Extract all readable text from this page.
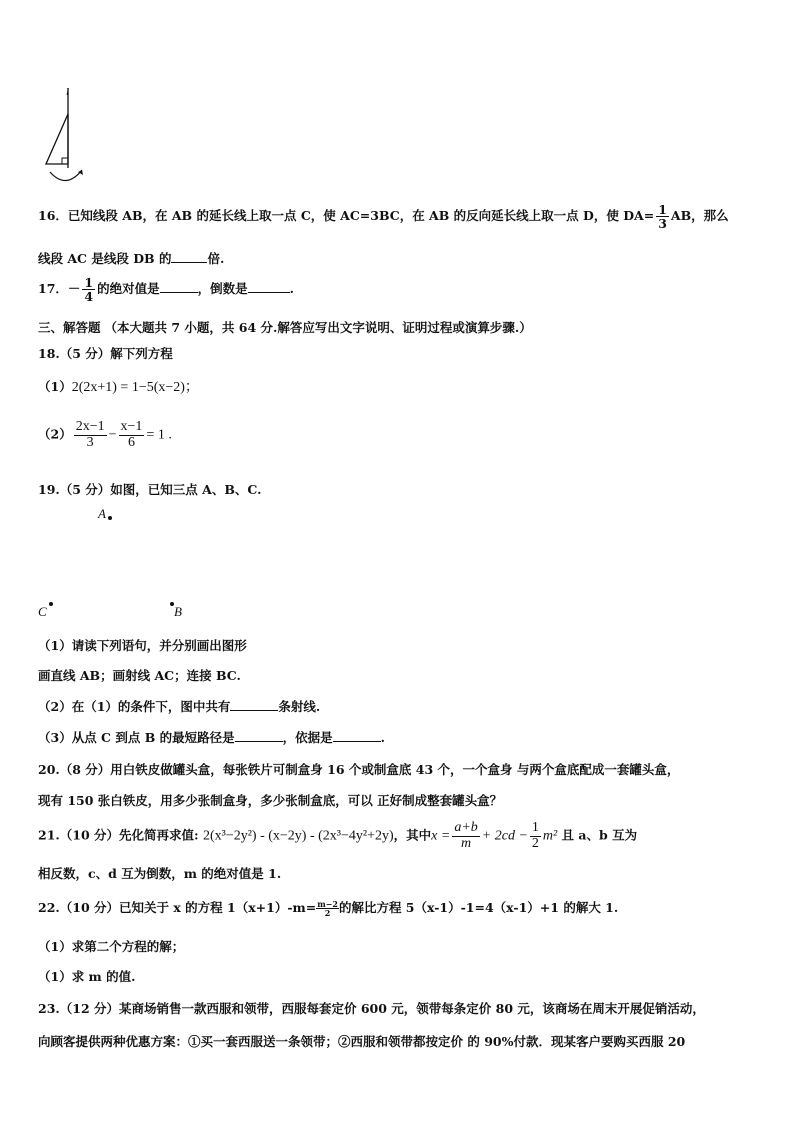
l
16．已知线段 AB，在 AB 的延长线上取一点 C，使 AC=3BC，在 AB 的反向延长线上取一点 D，使 $DA= \frac{1}{3}$ AB，那么
线段 AC 是线段 DB 的	倍.
17．－ $\frac{1}{4}$ 的绝对值是	，倒数是	.
三、解答题 （本大题共 7 小题，共 64 分.解答应写出文字说明、证明过程或演算步骤.）
18.（5 分）解下列方程
（1）2(2x+1) = 1−5(x−2)；
$(2) \frac{2x-1}{3} - \frac{x-1}{6} = 1$ .
19.（5 分）如图，已知三点 A、B、C.
A
C	B
（1）请读下列语句，并分别画出图形
画直线 AB；画射线 AC；连接 BC.
（2）在（1）的条件下，图中共有	条射线.
（3）从点 C 到点 B 的最短路径是	，依据是	.
20.（8 分）用白铁皮做罐头盒，每张铁片可制盒身 16 个或制盒底 43 个，一个盒身 与两个盒底配成一套罐头盒，
现有 150 张白铁皮，用多少张制盒身，多少张制盒底，可以 正好制成整套罐头盒？
21.（10 分）先化简再求值: 2(x³−2y²) - (x−2y) - (2x³−4y²+2y)，其中$x = \frac{a+b}{m} + 2cd - \frac{1}{2} m^2$ 且 a、b 互为
相反数，c、d 互为倒数，m 的绝对值是 1.
22.（10 分）已知关于 x 的方程 $1(x+1)-m= \frac{m-2}{2}$的解比方程 5（x-1）-1=4（x-1）+1 的解大 1.
（1）求第二个方程的解；
（1）求 m 的值.
23.（12 分）某商场销售一款西服和领带，西服每套定价 600 元，领带每条定价 80 元，该商场在周末开展促销活动，
向顾客提供两种优惠方案：①买一套西服送一条领带；②西服和领带都按定价 的 90%付款．现某客户要购买西服 20
